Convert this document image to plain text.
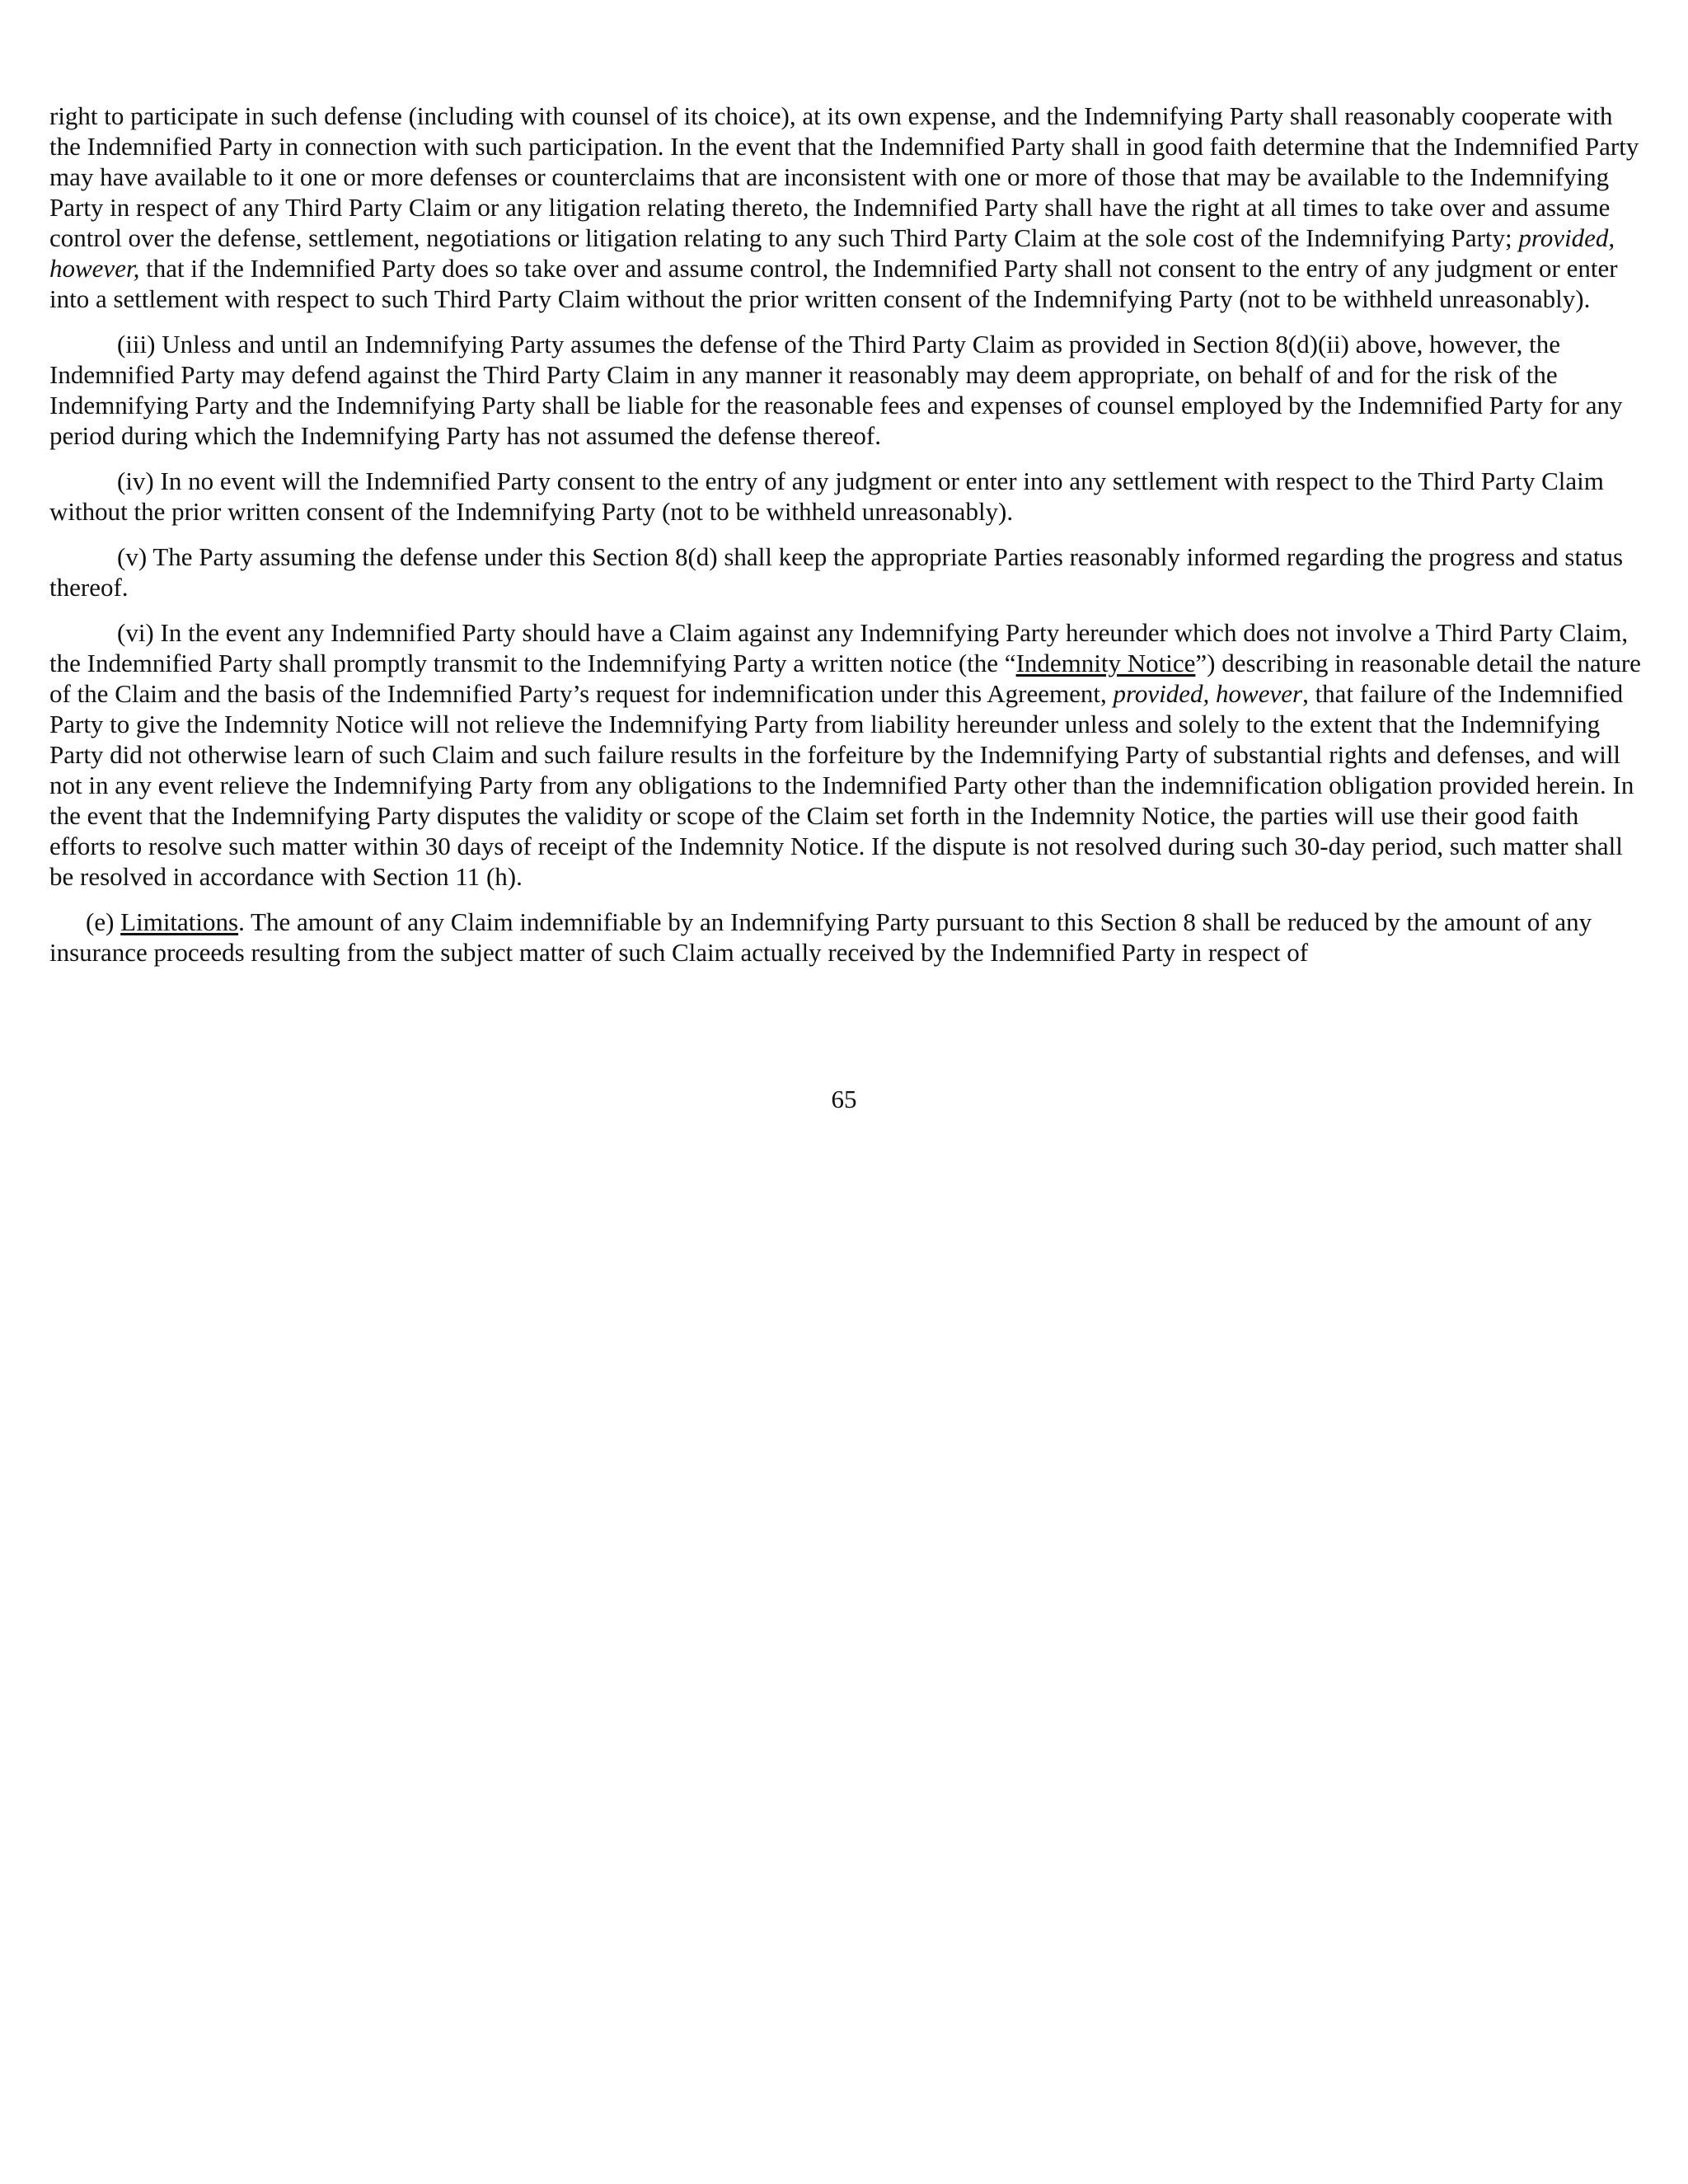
right to participate in such defense (including with counsel of its choice), at its own expense, and the Indemnifying Party shall reasonably cooperate with the Indemnified Party in connection with such participation. In the event that the Indemnified Party shall in good faith determine that the Indemnified Party may have available to it one or more defenses or counterclaims that are inconsistent with one or more of those that may be available to the Indemnifying Party in respect of any Third Party Claim or any litigation relating thereto, the Indemnified Party shall have the right at all times to take over and assume control over the defense, settlement, negotiations or litigation relating to any such Third Party Claim at the sole cost of the Indemnifying Party; provided, however, that if the Indemnified Party does so take over and assume control, the Indemnified Party shall not consent to the entry of any judgment or enter into a settlement with respect to such Third Party Claim without the prior written consent of the Indemnifying Party (not to be withheld unreasonably).

(iii) Unless and until an Indemnifying Party assumes the defense of the Third Party Claim as provided in Section 8(d)(ii) above, however, the Indemnified Party may defend against the Third Party Claim in any manner it reasonably may deem appropriate, on behalf of and for the risk of the Indemnifying Party and the Indemnifying Party shall be liable for the reasonable fees and expenses of counsel employed by the Indemnified Party for any period during which the Indemnifying Party has not assumed the defense thereof.

(iv) In no event will the Indemnified Party consent to the entry of any judgment or enter into any settlement with respect to the Third Party Claim without the prior written consent of the Indemnifying Party (not to be withheld unreasonably).

(v) The Party assuming the defense under this Section 8(d) shall keep the appropriate Parties reasonably informed regarding the progress and status thereof.

(vi) In the event any Indemnified Party should have a Claim against any Indemnifying Party hereunder which does not involve a Third Party Claim, the Indemnified Party shall promptly transmit to the Indemnifying Party a written notice (the “Indemnity Notice”) describing in reasonable detail the nature of the Claim and the basis of the Indemnified Party’s request for indemnification under this Agreement, provided, however, that failure of the Indemnified Party to give the Indemnity Notice will not relieve the Indemnifying Party from liability hereunder unless and solely to the extent that the Indemnifying Party did not otherwise learn of such Claim and such failure results in the forfeiture by the Indemnifying Party of substantial rights and defenses, and will not in any event relieve the Indemnifying Party from any obligations to the Indemnified Party other than the indemnification obligation provided herein. In the event that the Indemnifying Party disputes the validity or scope of the Claim set forth in the Indemnity Notice, the parties will use their good faith efforts to resolve such matter within 30 days of receipt of the Indemnity Notice. If the dispute is not resolved during such 30-day period, such matter shall be resolved in accordance with Section 11 (h).

(e) Limitations. The amount of any Claim indemnifiable by an Indemnifying Party pursuant to this Section 8 shall be reduced by the amount of any insurance proceeds resulting from the subject matter of such Claim actually received by the Indemnified Party in respect of

65
